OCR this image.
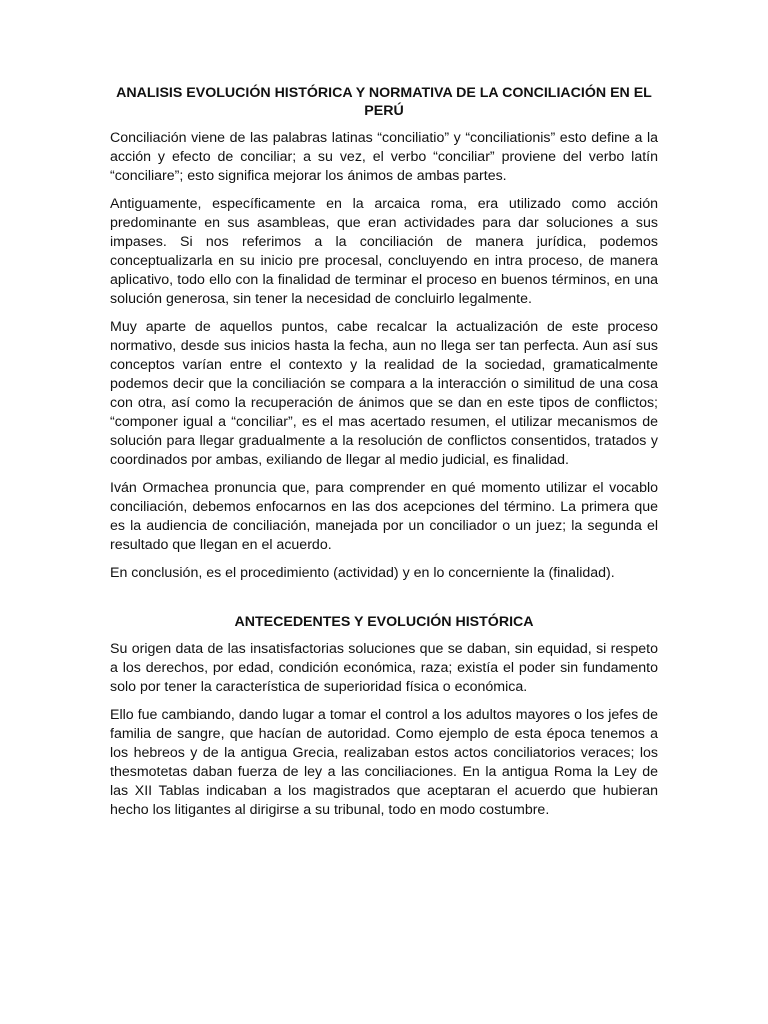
ANALISIS EVOLUCIÓN HISTÓRICA Y NORMATIVA DE LA CONCILIACIÓN EN EL PERÚ

Conciliación viene de las palabras latinas “conciliatio” y “conciliationis” esto define a la acción y efecto de conciliar; a su vez, el verbo “conciliar” proviene del verbo latín “conciliare”; esto significa mejorar los ánimos de ambas partes.

Antiguamente, específicamente en la arcaica roma, era utilizado como acción predominante en sus asambleas, que eran actividades para dar soluciones a sus impases. Si nos referimos a la conciliación de manera jurídica, podemos conceptualizarla en su inicio pre procesal, concluyendo en intra proceso, de manera aplicativo, todo ello con la finalidad de terminar el proceso en buenos términos, en una solución generosa, sin tener la necesidad de concluirlo legalmente.

Muy aparte de aquellos puntos, cabe recalcar la actualización de este proceso normativo, desde sus inicios hasta la fecha, aun no llega ser tan perfecta. Aun así sus conceptos varían entre el contexto y la realidad de la sociedad, gramaticalmente podemos decir que la conciliación se compara a la interacción o similitud de una cosa con otra, así como la recuperación de ánimos que se dan en este tipos de conflictos; “componer igual a “conciliar”, es el mas acertado resumen, el utilizar mecanismos de solución para llegar gradualmente a la resolución de conflictos consentidos, tratados y coordinados por ambas, exiliando de llegar al medio judicial, es finalidad.

Iván Ormachea pronuncia que, para comprender en qué momento utilizar el vocablo conciliación, debemos enfocarnos en las dos acepciones del término. La primera que es la audiencia de conciliación, manejada por un conciliador o un juez; la segunda el resultado que llegan en el acuerdo.

En conclusión, es el procedimiento (actividad) y en lo concerniente la (finalidad).

ANTECEDENTES Y EVOLUCIÓN HISTÓRICA

Su origen data de las insatisfactorias soluciones que se daban, sin equidad, si respeto a los derechos, por edad, condición económica, raza; existía el poder sin fundamento solo por tener la característica de superioridad física o económica.

Ello fue cambiando, dando lugar a tomar el control a los adultos mayores o los jefes de familia de sangre, que hacían de autoridad. Como ejemplo de esta época tenemos a los hebreos y de la antigua Grecia, realizaban estos actos conciliatorios veraces; los thesmotetas daban fuerza de ley a las conciliaciones. En la antigua Roma la Ley de las XII Tablas indicaban a los magistrados que aceptaran el acuerdo que hubieran hecho los litigantes al dirigirse a su tribunal, todo en modo costumbre.
